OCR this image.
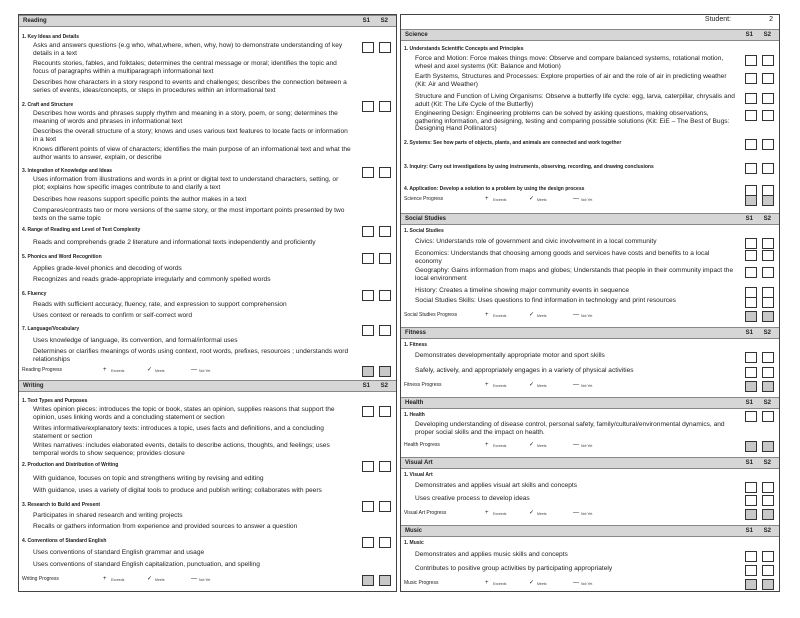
Reading	S1 S2
1. Key Ideas and Details
Asks and answers questions (e.g who, what,where, when, why, how) to demonstrate understanding of key details in a text
Recounts stories, fables, and folktales; determines the central message or moral; identifies the topic and focus of paragraphs within a multiparagraph informational text
Describes how characters in a story respond to events and challenges; describes the connection between a series of events, ideas/concepts, or steps in procedures within an informational text
2. Craft and Structure
Describes how words and phrases supply rhythm and meaning in a story, poem, or song; determines the meaning of words and phrases in informational text
Describes the overall structure of a story; knows and uses various text features to locate facts or information in a text
Knows different points of view of characters; identifies the main purpose of an informational text and what the author wants to answer, explain, or describe
3. Integration of Knowledge and Ideas
Uses information from illustrations and words in a print or digital text to understand characters, setting, or plot; explains how specific images contribute to and clarify a text
Describes how reasons support specific points the author makes in a text
Compares/contrasts two or more versions of the same story, or the most important points presented by two texts on the same topic
4. Range of Reading and Level of Text Complexity
Reads and comprehends grade 2 literature and informational texts independently and proficiently
5. Phonics and Word Recognition
Applies grade-level phonics and decoding of words
Recognizes and reads grade-appropriate irregularly and commonly spelled words
6. Fluency
Reads with sufficient accuracy, fluency, rate, and expression to support comprehension
Uses context or rereads to confirm or self-correct word
7. Language/Vocabulary
Uses knowledge of language, its convention, and formal/informal uses
Determines or clarifies meanings of words using context, root words, prefixes, resources ; understands word relationships
Reading Progress	+ Exceeds	✓ Meets	— Not Yet
Writing	S1 S2
1. Text Types and Purposes
Writes opinion pieces: introduces the topic or book, states an opinion, supplies reasons that support the opinion, uses linking words and a concluding statement or section
Writes informative/explanatory texts: introduces a topic, uses facts and definitions, and a concluding statement or section
Writes narratives: includes elaborated events, details to describe actions, thoughts, and feelings; uses temporal words to show sequence; provides closure
2. Production and Distribution of Writing
With guidance, focuses on topic and strengthens writing by revising and editing
With guidance, uses a variety of digital tools to produce and publish writing; collaborates with peers
3. Research to Build and Present
Participates in shared research and writing projects
Recalls or gathers information from experience and provided sources to answer a question
4. Conventions of Standard English
Uses conventions of standard English grammar and usage
Uses conventions of standard English capitalization, punctuation, and spelling
Writing Progress	+ Exceeds	✓ Meets	— Not Yet
Student:	2
Science	S1 S2
1. Understands Scientific Concepts and Principles
Force and Motion: Force makes things move: Observe and compare balanced systems, rotational motion, wheel and axel systems (Kit: Balance and Motion)
Earth Systems, Structures and Processes: Explore properties of air and the role of air in predicting weather (Kit: Air and Weather)
Structure and Function of Living Organisms: Observe a butterfly life cycle: egg, larva, caterpillar, chrysalis and adult (Kit: The Life Cycle of the Butterfly)
Engineering Design: Engineering problems can be solved by asking questions, making observations, gathering information, and designing, testing and comparing possible solutions (Kit: EiE – The Best of Bugs: Designing Hand Pollinators)
2. Systems: See how parts of objects, plants, and animals are connected and work together
3. Inquiry: Carry out investigations by using instruments, observing, recording, and drawing conclusions
4. Application: Develop a solution to a problem by using the design process
Science Progress	+ Exceeds	✓ Meets	— Not Yet
Social Studies	S1 S2
1. Social Studies
Civics: Understands role of government and civic involvement in a local community
Economics: Understands that choosing among goods and services have costs and benefits to a local economy
Geography: Gains information from maps and globes; Understands that people in their community impact the local environment
History: Creates a timeline showing major community events in sequence
Social Studies Skills: Uses questions to find information in technology and print resources
Social Studies Progress	+ Exceeds	✓ Meets	— Not Yet
Fitness	S1 S2
1. Fitness
Demonstrates developmentally appropriate motor and sport skills
Safely, actively, and appropriately engages in a variety of physical activities
Fitness Progress	+ Exceeds	✓ Meets	— Not Yet
Health	S1 S2
1. Health
Developing understanding of disease control, personal safety, family/cultural/environmental dynamics, and proper social skills and the impact on health.
Health Progress	+ Exceeds	✓ Meets	— Not Yet
Visual Art	S1 S2
1. Visual Art
Demonstrates and applies visual art skills and concepts
Uses creative process to develop ideas
Visual Art Progress	+ Exceeds	✓ Meets	— Not Yet
Music	S1 S2
1. Music
Demonstrates and applies music skills and concepts
Contributes to positive group activities by participating appropriately
Music Progress	+ Exceeds	✓ Meets	— Not Yet
